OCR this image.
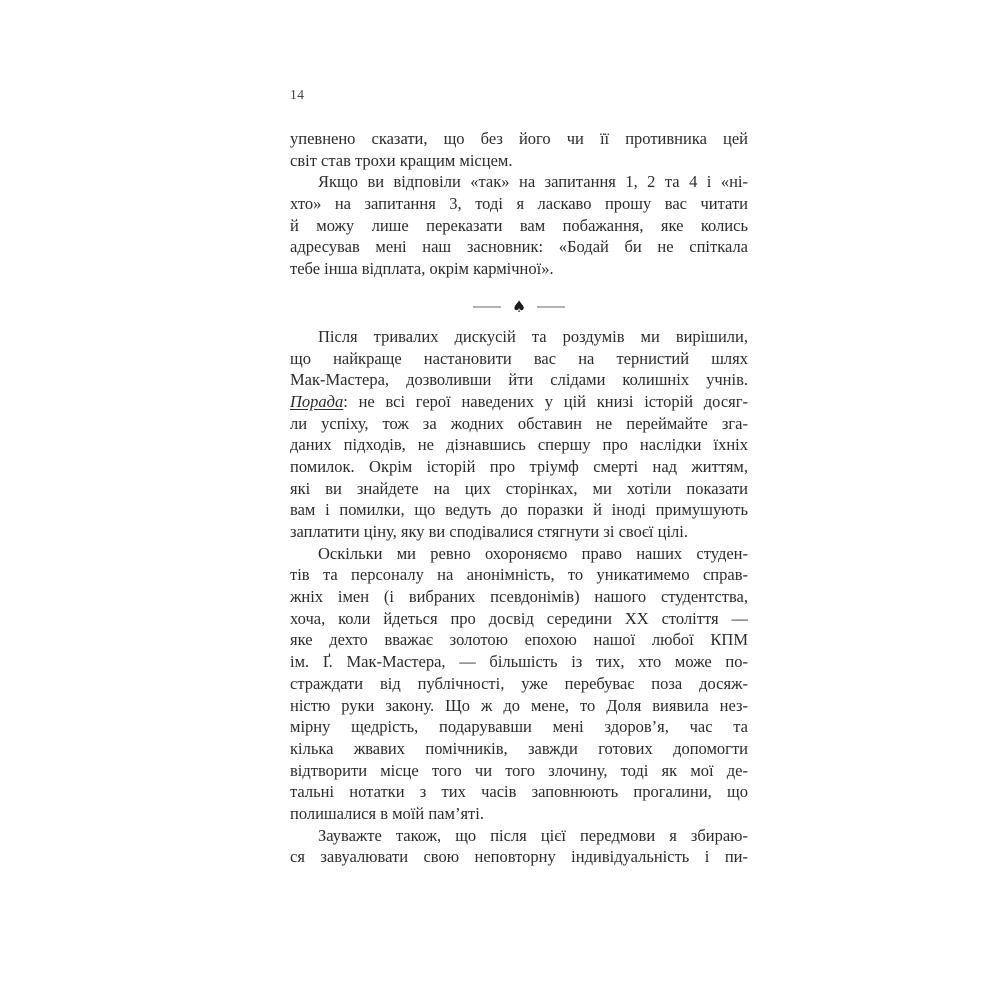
14
упевнено сказати, що без його чи її противника цей
світ став трохи кращим місцем.
Якщо ви відповіли «так» на запитання 1, 2 та 4 і «ні-
хто» на запитання 3, тоді я ласкаво прошу вас читати
й можу лише переказати вам побажання, яке колись
адресував мені наш засновник: «Бодай би не спіткала
тебе інша відплата, окрім кармічної».
♠
Після тривалих дискусій та роздумів ми вирішили,
що найкраще настановити вас на тернистий шлях
Мак-Мастера, дозволивши йти слідами колишніх учнів.
Порада: не всі герої наведених у цій книзі історій досяг-
ли успіху, тож за жодних обставин не переймайте зга-
даних підходів, не дізнавшись спершу про наслідки їхніх
помилок. Окрім історій про тріумф смерті над життям,
які ви знайдете на цих сторінках, ми хотіли показати
вам і помилки, що ведуть до поразки й іноді примушують
заплатити ціну, яку ви сподівалися стягнути зі своєї цілі.
Оскільки ми ревно охороняємо право наших студен-
тів та персоналу на анонімність, то уникатимемо справ-
жніх імен (і вибраних псевдонімів) нашого студентства,
хоча, коли йдеться про досвід середини XX століття —
яке дехто вважає золотою епохою нашої любої КПМ
ім. Ґ. Мак-Мастера, — більшість із тих, хто може по-
страждати від публічності, уже перебуває поза досяж-
ністю руки закону. Що ж до мене, то Доля виявила нез-
мірну щедрість, подарувавши мені здоров’я, час та
кілька жвавих помічників, завжди готових допомогти
відтворити місце того чи того злочину, тоді як мої де-
тальні нотатки з тих часів заповнюють прогалини, що
полишалися в моїй пам’яті.
Зауважте також, що після цієї передмови я збираю-
ся завуалювати свою неповторну індивідуальність і пи-
